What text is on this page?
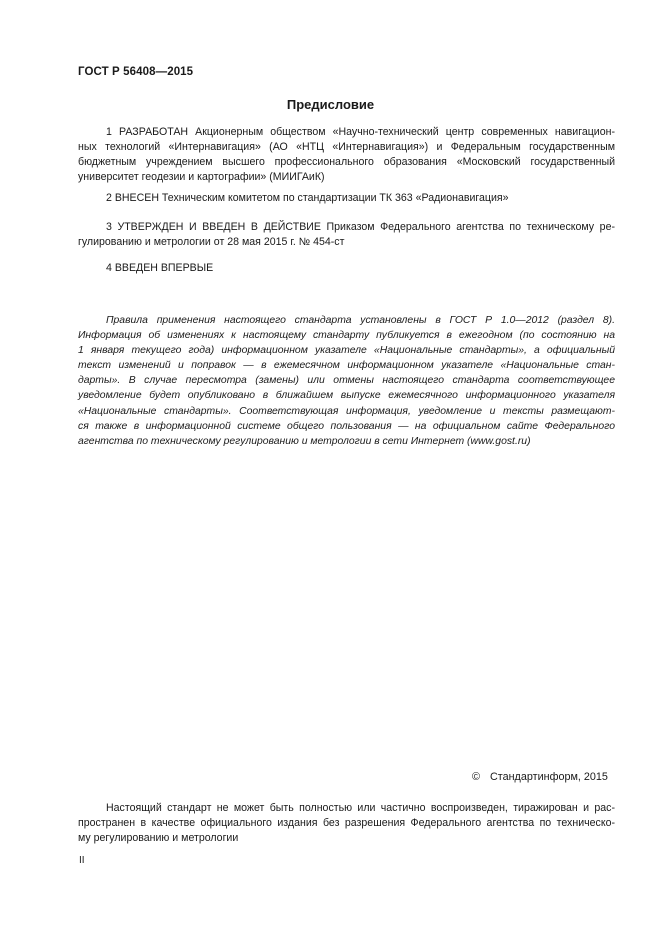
ГОСТ Р 56408—2015
Предисловие
1 РАЗРАБОТАН Акционерным обществом «Научно-технический центр современных навигацион-
ных технологий «Интернавигация» (АО «НТЦ «Интернавигация») и Федеральным государственным
бюджетным учреждением высшего профессионального образования «Московский государственный
университет геодезии и картографии» (МИИГАиК)
2 ВНЕСЕН Техническим комитетом по стандартизации ТК 363 «Радионавигация»
3 УТВЕРЖДЕН И ВВЕДЕН В ДЕЙСТВИЕ Приказом Федерального агентства по техническому ре-
гулированию и метрологии от 28 мая 2015 г. № 454-ст
4 ВВЕДЕН ВПЕРВЫЕ
Правила применения настоящего стандарта установлены в ГОСТ Р 1.0—2012 (раздел 8).
Информация об изменениях к настоящему стандарту публикуется в ежегодном (по состоянию на
1 января текущего года) информационном указателе «Национальные стандарты», а официальный
текст изменений и поправок — в ежемесячном информационном указателе «Национальные стан-
дарты». В случае пересмотра (замены) или отмены настоящего стандарта соответствующее
уведомление будет опубликовано в ближайшем выпуске ежемесячного информационного указателя
«Национальные стандарты». Соответствующая информация, уведомление и тексты размещают-
ся также в информационной системе общего пользования — на официальном сайте Федерального
агентства по техническому регулированию и метрологии в сети Интернет (www.gost.ru)
© Стандартинформ, 2015
Настоящий стандарт не может быть полностью или частично воспроизведен, тиражирован и рас-
пространен в качестве официального издания без разрешения Федерального агентства по техническо-
му регулированию и метрологии
II
